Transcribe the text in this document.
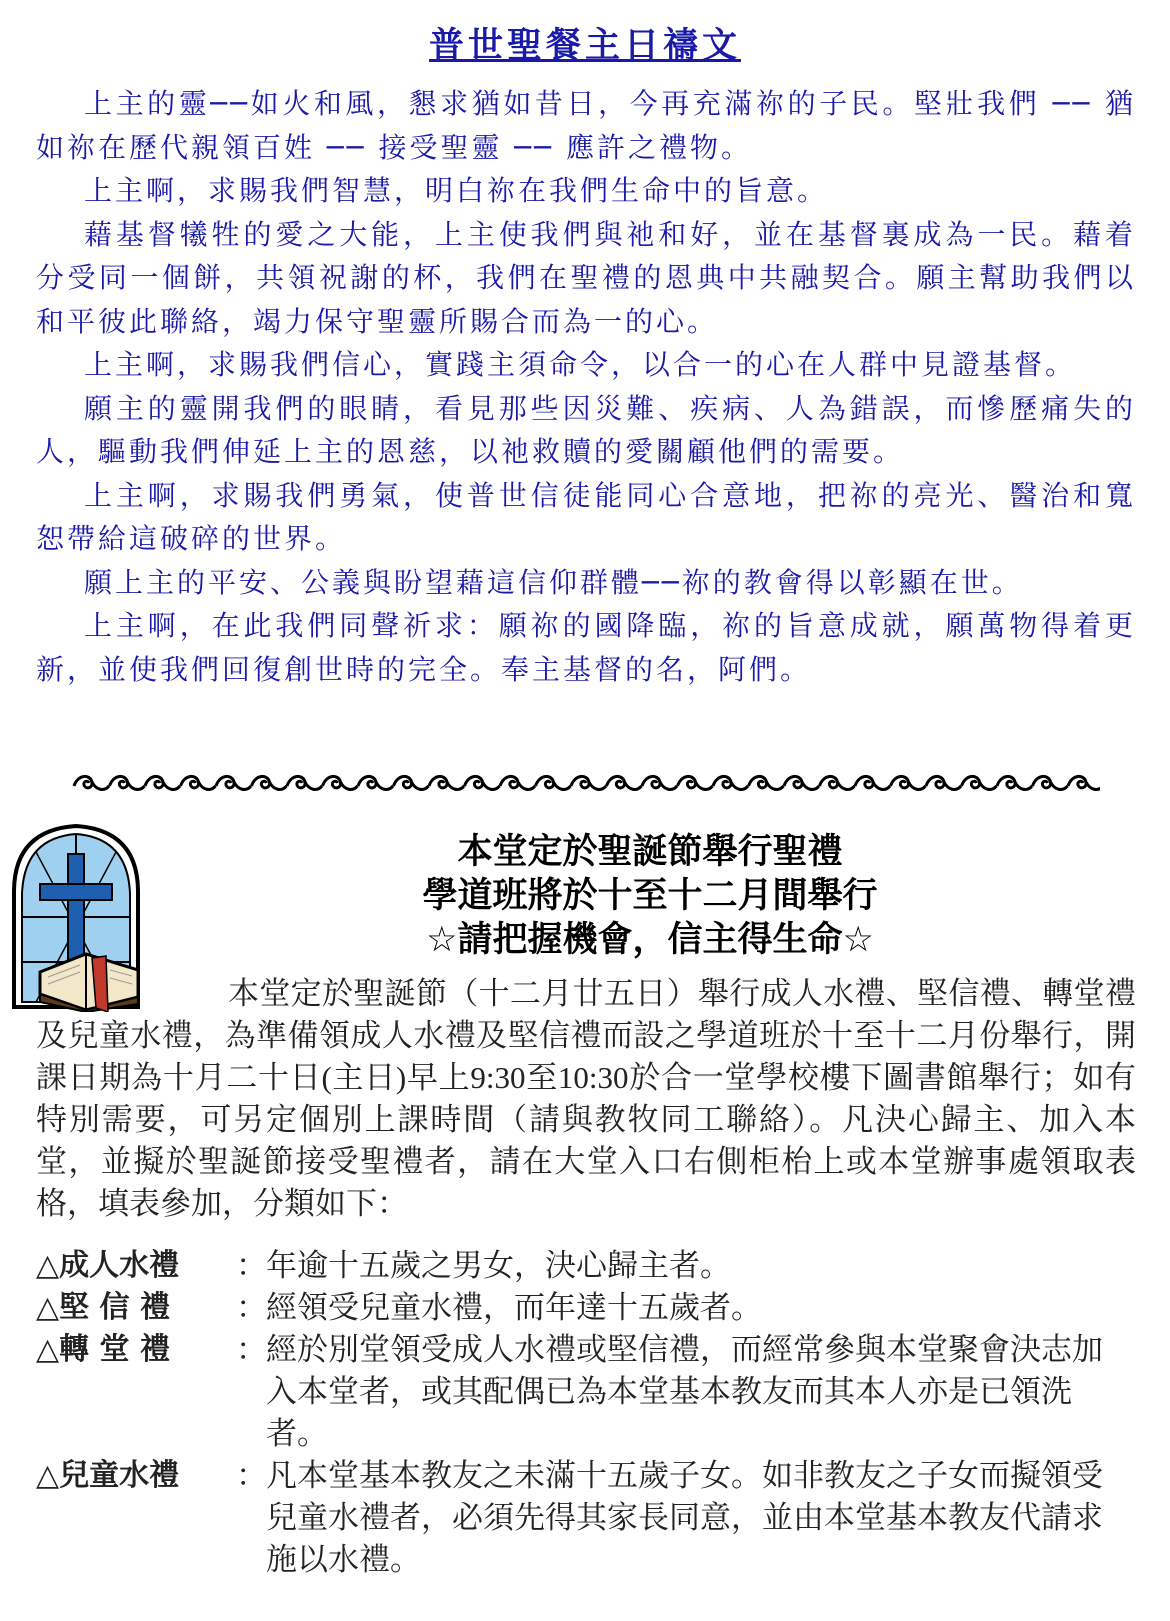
普世聖餐主日禱文

上主的靈──如火和風，懇求猶如昔日，今再充滿祢的子民。堅壯我們 ── 猶如祢在歷代親領百姓 ── 接受聖靈 ── 應許之禮物。

上主啊，求賜我們智慧，明白祢在我們生命中的旨意。

藉基督犧牲的愛之大能，上主使我們與祂和好，並在基督裏成為一民。藉着分受同一個餅，共領祝謝的杯，我們在聖禮的恩典中共融契合。願主幫助我們以和平彼此聯絡，竭力保守聖靈所賜合而為一的心。

上主啊，求賜我們信心，實踐主須命令，以合一的心在人群中見證基督。

願主的靈開我們的眼睛，看見那些因災難、疾病、人為錯誤，而慘歷痛失的人，驅動我們伸延上主的恩慈，以祂救贖的愛關顧他們的需要。

上主啊，求賜我們勇氣，使普世信徒能同心合意地，把祢的亮光、醫治和寬恕帶給這破碎的世界。

願上主的平安、公義與盼望藉這信仰群體──祢的教會得以彰顯在世。

上主啊，在此我們同聲祈求：願祢的國降臨，祢的旨意成就，願萬物得着更新，並使我們回復創世時的完全。奉主基督的名，阿們。

本堂定於聖誕節舉行聖禮
學道班將於十至十二月間舉行
☆請把握機會，信主得生命☆

本堂定於聖誕節（十二月廿五日）舉行成人水禮、堅信禮、轉堂禮及兒童水禮，為準備領成人水禮及堅信禮而設之學道班於十至十二月份舉行，開課日期為十月二十日(主日)早上9:30至10:30於合一堂學校樓下圖書館舉行；如有特別需要，可另定個別上課時間（請與教牧同工聯絡）。凡決心歸主、加入本堂，並擬於聖誕節接受聖禮者，請在大堂入口右側柜枱上或本堂辦事處領取表格，填表參加，分類如下：

△成人水禮	： 年逾十五歲之男女，決心歸主者。
△堅 信 禮	： 經領受兒童水禮，而年達十五歲者。
△轉 堂 禮	： 經於別堂領受成人水禮或堅信禮，而經常參與本堂聚會決志加入本堂者，或其配偶已為本堂基本教友而其本人亦是已領洗者。
△兒童水禮	： 凡本堂基本教友之未滿十五歲子女。如非教友之子女而擬領受兒童水禮者，必須先得其家長同意，並由本堂基本教友代請求施以水禮。
